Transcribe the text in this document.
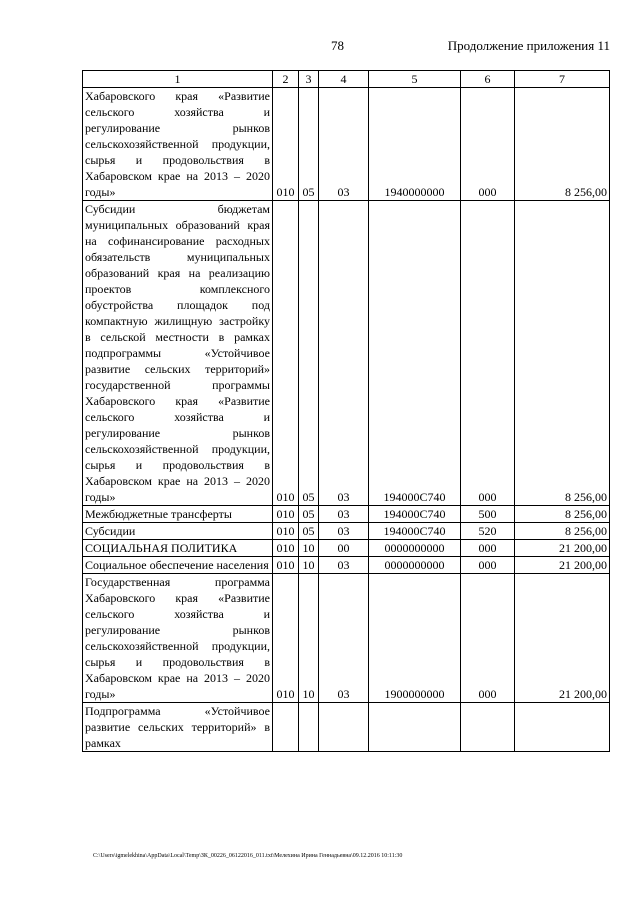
78	Продолжение приложения 11
1	2	3	4	5	6	7
Хабаровского края «Развитие сельского хозяйства и регулирование рынков сельскохозяйственной продукции, сырья и продовольствия в Хабаровском крае на 2013 – 2020 годы»	010	05	03	1940000000	000	8 256,00
Субсидии бюджетам муниципальных образований края на софинансирование расходных обязательств муниципальных образований края на реализацию проектов комплексного обустройства площадок под компактную жилищную застройку в сельской местности в рамках подпрограммы «Устойчивое развитие сельских территорий» государственной программы Хабаровского края «Развитие сельского хозяйства и регулирование рынков сельскохозяйственной продукции, сырья и продовольствия в Хабаровском крае на 2013 – 2020 годы»	010	05	03	194000C740	000	8 256,00
Межбюджетные трансферты	010	05	03	194000C740	500	8 256,00
Субсидии	010	05	03	194000C740	520	8 256,00
СОЦИАЛЬНАЯ ПОЛИТИКА	010	10	00	0000000000	000	21 200,00
Социальное обеспечение населения	010	10	03	0000000000	000	21 200,00
Государственная программа Хабаровского края «Развитие сельского хозяйства и регулирование рынков сельскохозяйственной продукции, сырья и продовольствия в Хабаровском крае на 2013 – 2020 годы»	010	10	03	1900000000	000	21 200,00
Подпрограмма «Устойчивое развитие сельских территорий» в рамках						
C:\Users\igmelekhina\AppData\Local\Temp\ЗК_00226_06122016_011.txt\Мелехина Ирина Геннадьевна\09.12.2016 10:11:30
